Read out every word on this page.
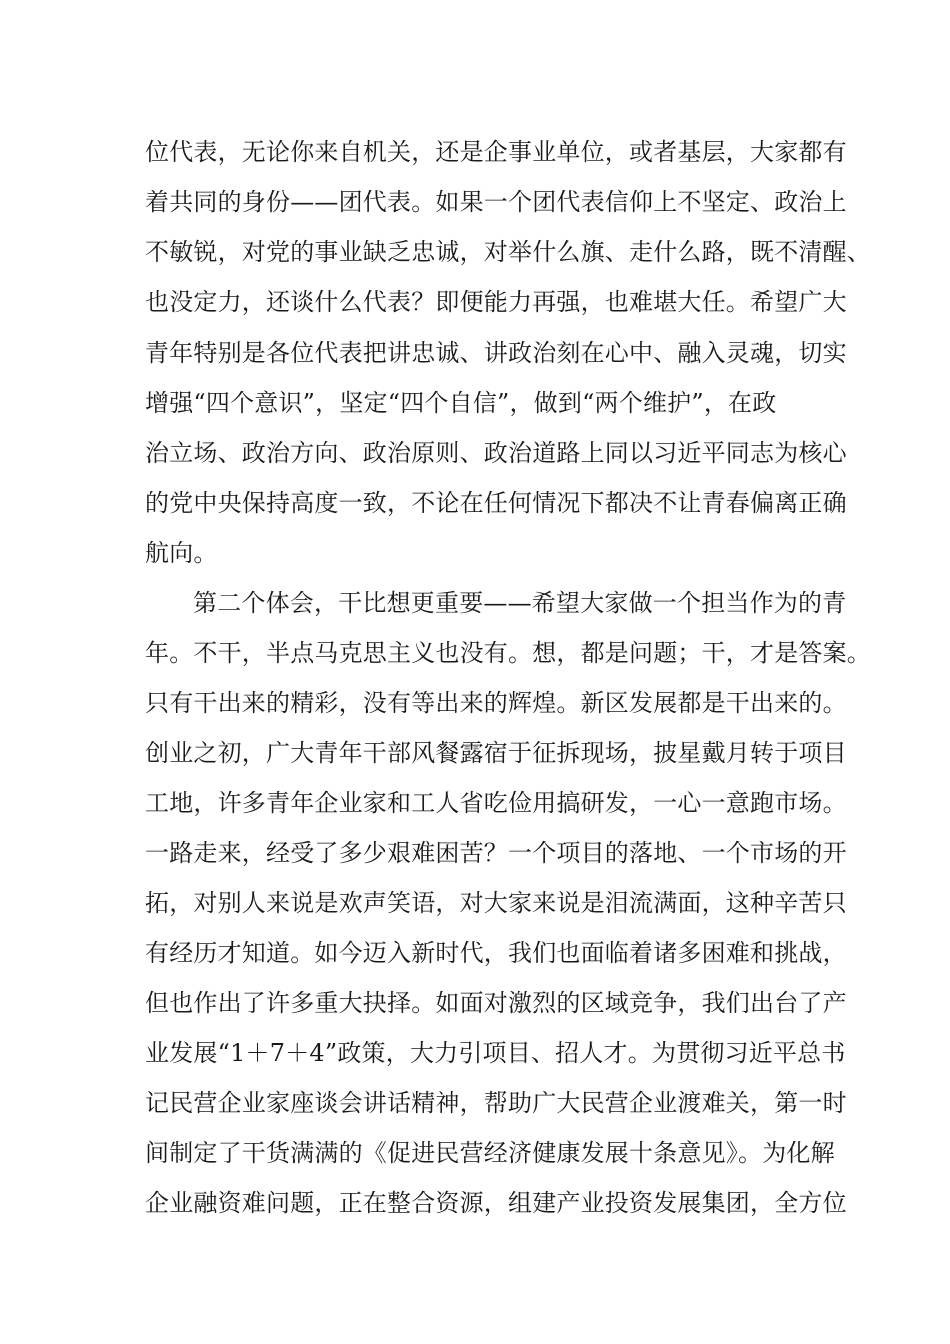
位代表，无论你来自机关，还是企事业单位，或者基层，大家都有
着共同的身份——团代表。如果一个团代表信仰上不坚定、政治上
不敏锐，对党的事业缺乏忠诚，对举什么旗、走什么路，既不清醒、
也没定力，还谈什么代表？即便能力再强，也难堪大任。希望广大
青年特别是各位代表把讲忠诚、讲政治刻在心中、融入灵魂，切实
增强“四个意识”，坚定“四个自信”，做到“两个维护”，在政
治立场、政治方向、政治原则、政治道路上同以习近平同志为核心
的党中央保持高度一致，不论在任何情况下都决不让青春偏离正确
航向。
第二个体会，干比想更重要——希望大家做一个担当作为的青
年。不干，半点马克思主义也没有。想，都是问题；干，才是答案。
只有干出来的精彩，没有等出来的辉煌。新区发展都是干出来的。
创业之初，广大青年干部风餐露宿于征拆现场，披星戴月转于项目
工地，许多青年企业家和工人省吃俭用搞研发，一心一意跑市场。
一路走来，经受了多少艰难困苦？一个项目的落地、一个市场的开
拓，对别人来说是欢声笑语，对大家来说是泪流满面，这种辛苦只
有经历才知道。如今迈入新时代，我们也面临着诸多困难和挑战，
但也作出了许多重大抉择。如面对激烈的区域竞争，我们出台了产
业发展“1＋7＋4”政策，大力引项目、招人才。为贯彻习近平总书
记民营企业家座谈会讲话精神，帮助广大民营企业渡难关，第一时
间制定了干货满满的《促进民营经济健康发展十条意见》。为化解
企业融资难问题，正在整合资源，组建产业投资发展集团，全方位
